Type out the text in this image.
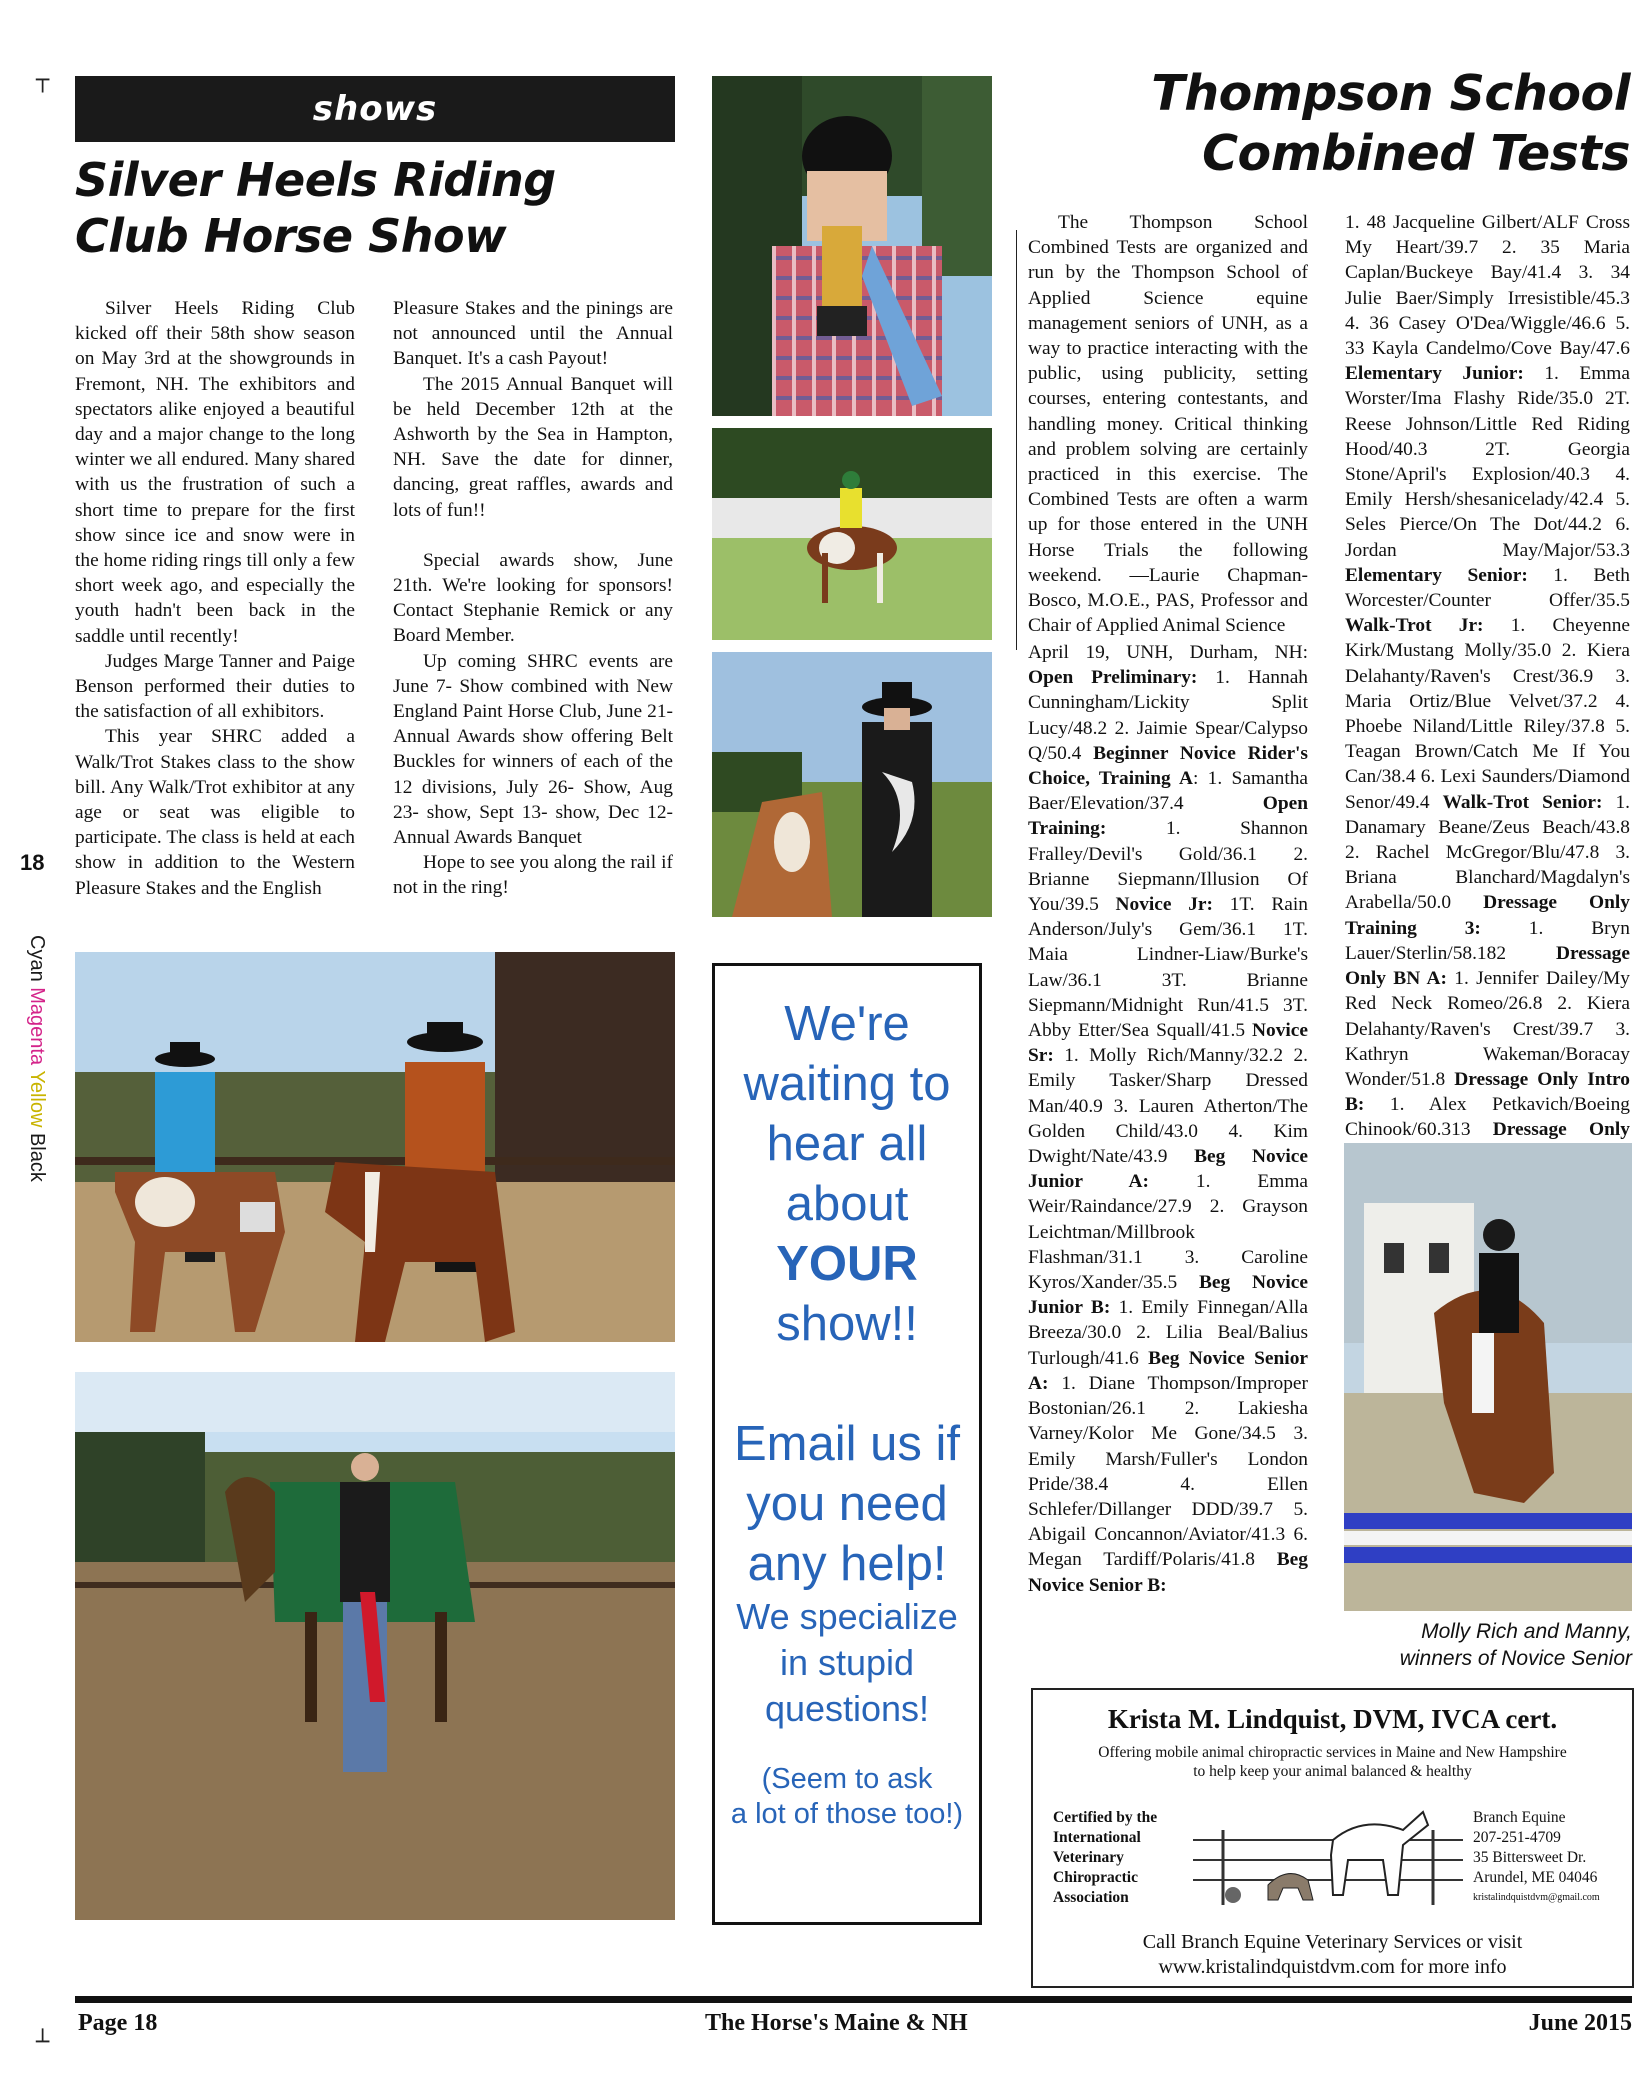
┬
┴
18
Cyan Magenta Yellow Black
shows
Silver Heels Riding
Club Horse Show

Silver Heels Riding Club kicked off their 58th show season on May 3rd at the showgrounds in Fremont, NH. The exhibitors and spectators alike enjoyed a beautiful day and a major change to the long winter we all endured. Many shared with us the frustration of such a short time to prepare for the first show since ice and snow were in the home riding rings till only a few short week ago, and especially the youth hadn't been back in the saddle until recently!

Judges Marge Tanner and Paige Benson performed their duties to the satisfaction of all exhibitors.

This year SHRC added a Walk/Trot Stakes class to the show bill. Any Walk/Trot exhibitor at any age or seat was eligible to participate. The class is held at each show in addition to the Western Pleasure Stakes and the English

Pleasure Stakes and the pinings are not announced until the Annual Banquet. It's a cash Payout!

The 2015 Annual Banquet will be held December 12th at the Ashworth by the Sea in Hampton, NH. Save the date for dinner, dancing, great raffles, awards and lots of fun!!

Special awards show, June 21th. We're looking for sponsors! Contact Stephanie Remick or any Board Member.

Up coming SHRC events are June 7- Show combined with New England Paint Horse Club, June 21- Annual Awards show offering Belt Buckles for winners of each of the 12 divisions, July 26- Show, Aug 23- show, Sept 13- show, Dec 12- Annual Awards Banquet

Hope to see you along the rail if not in the ring!

We're
waiting to
hear all
about
YOUR
show!!
Email us if
you need
any help!
We specialize
in stupid
questions!
(Seem to ask
a lot of those too!)
Thompson School
Combined Tests

The Thompson School Combined Tests are organized and run by the Thompson School of Applied Science equine management seniors of UNH, as a way to practice interacting with the public, using publicity, setting courses, entering contestants, and handling money. Critical thinking and problem solving are certainly practiced in this exercise. The Combined Tests are often a warm up for those entered in the UNH Horse Trials the following weekend. —Laurie Chapman-Bosco, M.O.E., PAS, Professor and Chair of Applied Animal Science

April 19, UNH, Durham, NH: Open Preliminary: 1. Hannah Cunningham/Lickity Split Lucy/48.2 2. Jaimie Spear/Calypso Q/50.4 Beginner Novice Rider's Choice, Training A: 1. Samantha Baer/Elevation/37.4 Open Training: 1. Shannon Fralley/Devil's Gold/36.1 2. Brianne Siepmann/Illusion Of You/39.5 Novice Jr: 1T. Rain Anderson/July's Gem/36.1 1T. Maia Lindner-Liaw/Burke's Law/36.1 3T. Brianne Siepmann/Midnight Run/41.5 3T. Abby Etter/Sea Squall/41.5 Novice Sr: 1. Molly Rich/Manny/32.2 2. Emily Tasker/Sharp Dressed Man/40.9 3. Lauren Atherton/The Golden Child/43.0 4. Kim Dwight/Nate/43.9 Beg Novice Junior A: 1. Emma Weir/Raindance/27.9 2. Grayson Leichtman/Millbrook Flashman/31.1 3. Caroline Kyros/Xander/35.5 Beg Novice Junior B: 1. Emily Finnegan/Alla Breeza/30.0 2. Lilia Beal/Balius Turlough/41.6 Beg Novice Senior A: 1. Diane Thompson/Improper Bostonian/26.1 2. Lakiesha Varney/Kolor Me Gone/34.5 3. Emily Marsh/Fuller's London Pride/38.4 4. Ellen Schlefer/Dillanger DDD/39.7 5. Abigail Concannon/Aviator/41.3 6. Megan Tardiff/Polaris/41.8 Beg Novice Senior B:
1. 48 Jacqueline Gilbert/ALF Cross My Heart/39.7 2. 35 Maria Caplan/Buckeye Bay/41.4 3. 34 Julie Baer/Simply Irresistible/45.3 4. 36 Casey O'Dea/Wiggle/46.6 5. 33 Kayla Candelmo/Cove Bay/47.6 Elementary Junior: 1. Emma Worster/Ima Flashy Ride/35.0 2T. Reese Johnson/Little Red Riding Hood/40.3 2T. Georgia Stone/April's Explosion/40.3 4. Emily Hersh/shesanicelady/42.4 5. Seles Pierce/On The Dot/44.2 6. Jordan May/Major/53.3 Elementary Senior: 1. Beth Worcester/Counter Offer/35.5 Walk-Trot Jr: 1. Cheyenne Kirk/Mustang Molly/35.0 2. Kiera Delahanty/Raven's Crest/36.9 3. Maria Ortiz/Blue Velvet/37.2 4. Phoebe Niland/Little Riley/37.8 5. Teagan Brown/Catch Me If You Can/38.4 6. Lexi Saunders/Diamond Senor/49.4 Walk-Trot Senior: 1. Danamary Beane/Zeus Beach/43.8 2. Rachel McGregor/Blu/47.8 3. Briana Blanchard/Magdalyn's Arabella/50.0 Dressage Only Training 3: 1. Bryn Lauer/Sterlin/58.182 Dressage Only BN A: 1. Jennifer Dailey/My Red Neck Romeo/26.8 2. Kiera Delahanty/Raven's Crest/39.7 3. Kathryn Wakeman/Boracay Wonder/51.8 Dressage Only Intro B: 1. Alex Petkavich/Boeing Chinook/60.313 Dressage Only
Molly Rich and Manny,
winners of Novice Senior
Krista M. Lindquist, DVM, IVCA cert.
Offering mobile animal chiropractic services in Maine and New Hampshire
to help keep your animal balanced & healthy
Certified by the
International
Veterinary
Chiropractic
Association
Branch Equine
207-251-4709
35 Bittersweet Dr.
Arundel, ME 04046
kristalindquistdvm@gmail.com
Call Branch Equine Veterinary Services or visit
www.kristalindquistdvm.com for more info
Page 18	The Horse's Maine & NH	June 2015
